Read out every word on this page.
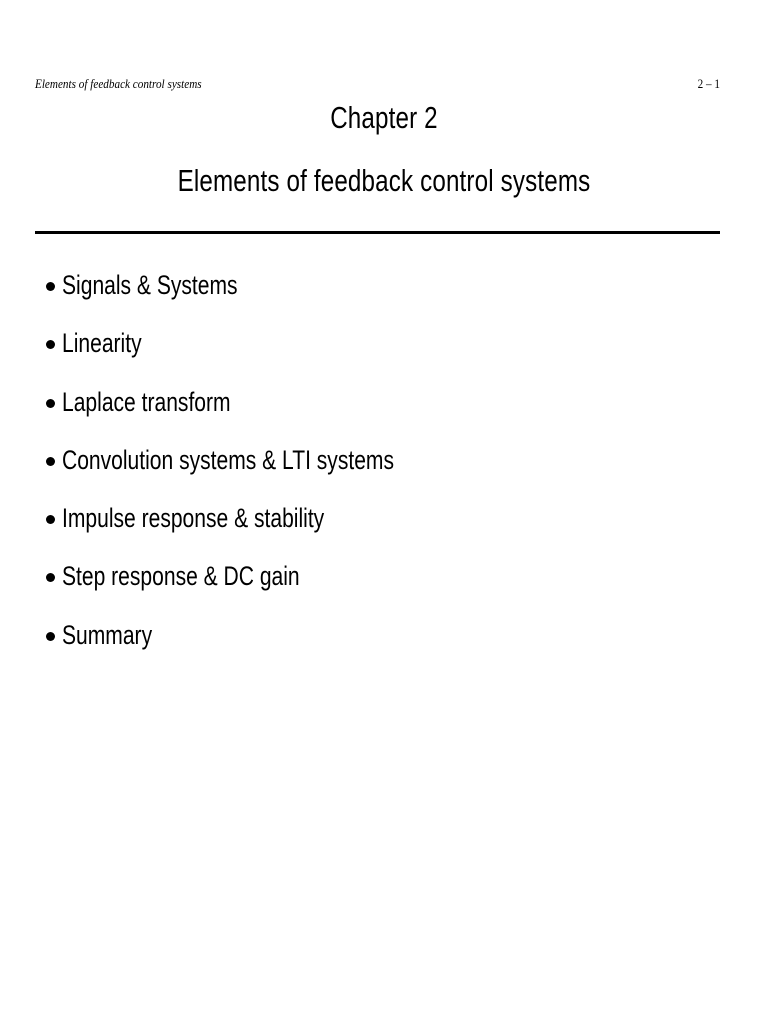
Elements of feedback control systems	2 – 1
Chapter 2
Elements of feedback control systems
Signals & Systems
Linearity
Laplace transform
Convolution systems & LTI systems
Impulse response & stability
Step response & DC gain
Summary
